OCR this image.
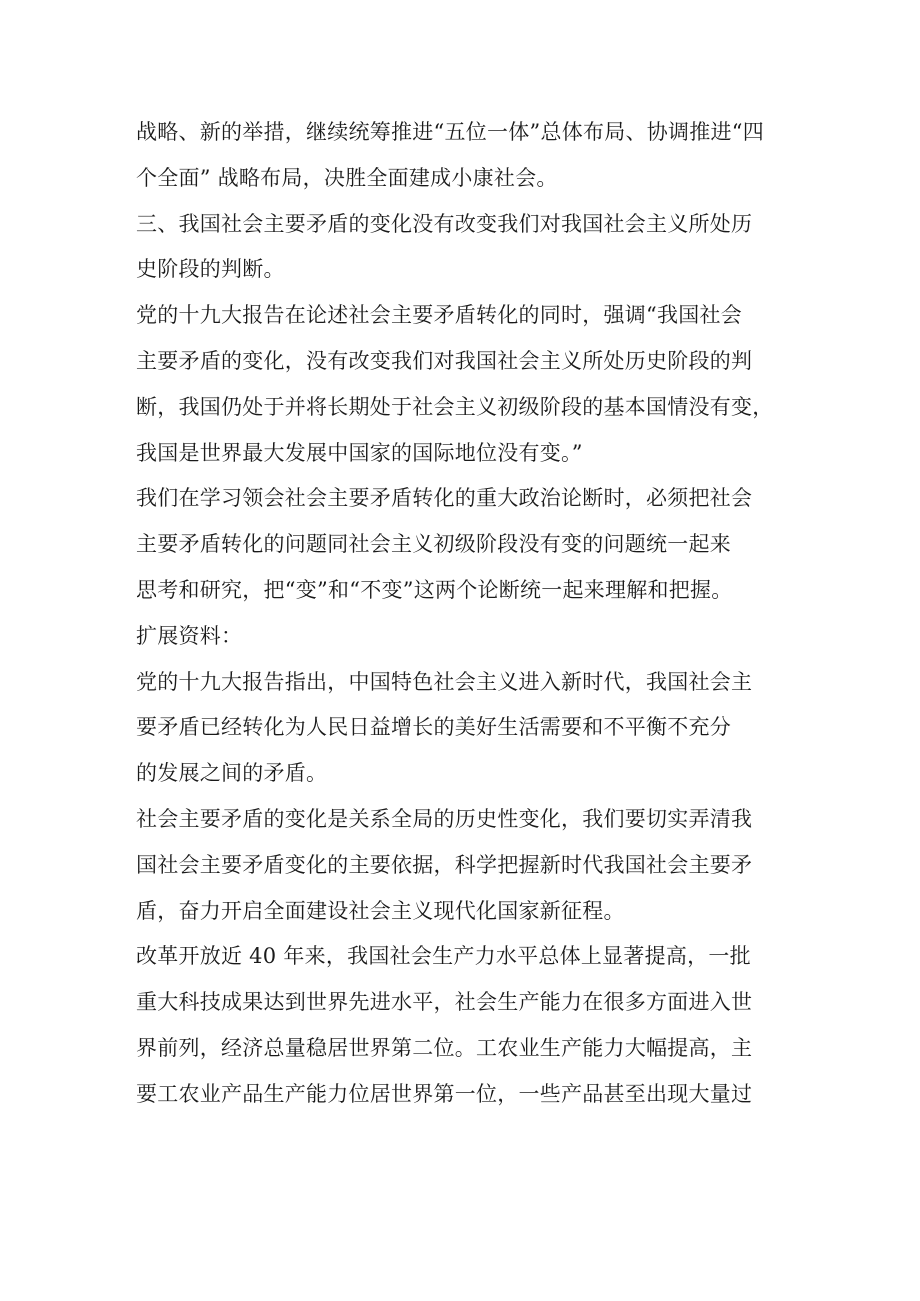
战略、新的举措，继续统筹推进“五位一体”总体布局、协调推进“四
个全面” 战略布局，决胜全面建成小康社会。
三、我国社会主要矛盾的变化没有改变我们对我国社会主义所处历
史阶段的判断。
党的十九大报告在论述社会主要矛盾转化的同时，强调“我国社会
主要矛盾的变化，没有改变我们对我国社会主义所处历史阶段的判
断，我国仍处于并将长期处于社会主义初级阶段的基本国情没有变，
我国是世界最大发展中国家的国际地位没有变。”
我们在学习领会社会主要矛盾转化的重大政治论断时，必须把社会
主要矛盾转化的问题同社会主义初级阶段没有变的问题统一起来
思考和研究，把“变”和“不变”这两个论断统一起来理解和把握。
扩展资料：
党的十九大报告指出，中国特色社会主义进入新时代，我国社会主
要矛盾已经转化为人民日益增长的美好生活需要和不平衡不充分
的发展之间的矛盾。
社会主要矛盾的变化是关系全局的历史性变化，我们要切实弄清我
国社会主要矛盾变化的主要依据，科学把握新时代我国社会主要矛
盾，奋力开启全面建设社会主义现代化国家新征程。
改革开放近 40 年来，我国社会生产力水平总体上显著提高，一批
重大科技成果达到世界先进水平，社会生产能力在很多方面进入世
界前列，经济总量稳居世界第二位。工农业生产能力大幅提高，主
要工农业产品生产能力位居世界第一位，一些产品甚至出现大量过
